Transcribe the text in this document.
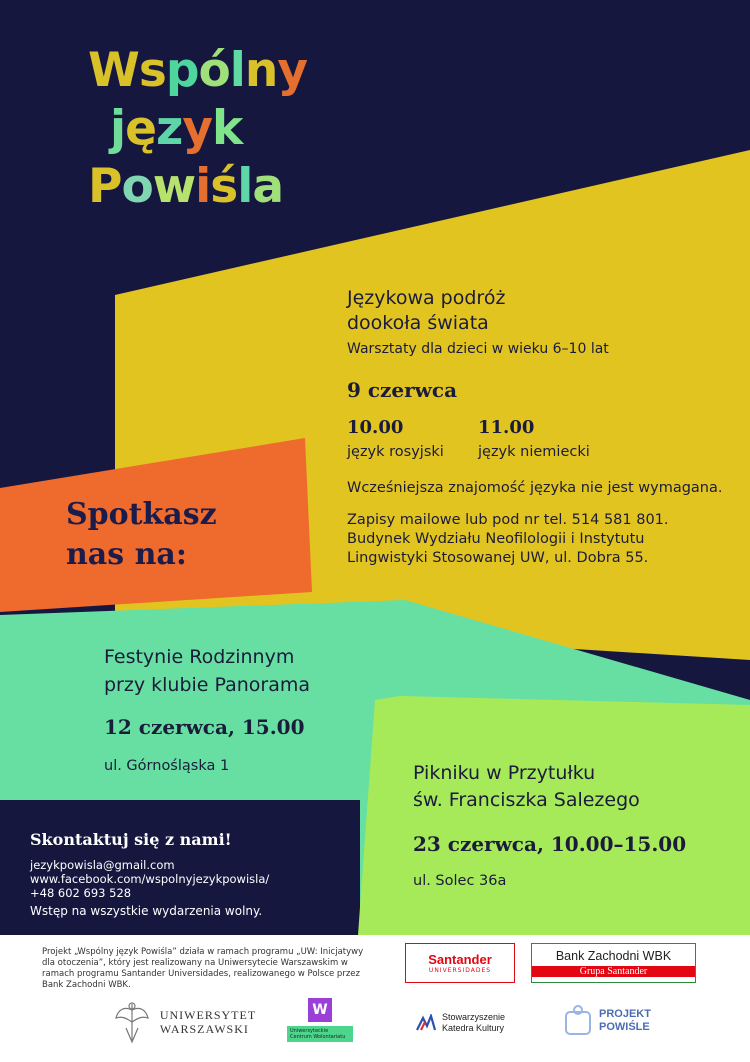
Wspólny
język
Powiśla
Językowa podróż
dookoła świata
Warsztaty dla dzieci w wieku 6–10 lat
9 czerwca
10.00
język rosyjski
11.00
język niemiecki
Wcześniejsza znajomość języka nie jest wymagana.
Zapisy mailowe lub pod nr tel. 514 581 801.
Budynek Wydziału Neofilologii i Instytutu
Lingwistyki Stosowanej UW, ul. Dobra 55.
Spotkasz
nas na:
Festynie Rodzinnym
przy klubie Panorama
12 czerwca, 15.00
ul. Górnośląska 1	Pikniku w Przytułku
św. Franciszka Salezego
23 czerwca, 10.00–15.00
ul. Solec 36a
Skontaktuj się z nami!
jezykpowisla@gmail.com
www.facebook.com/wspolnyjezykpowisla/
+48 602 693 528
Wstęp na wszystkie wydarzenia wolny.
Projekt „Wspólny język Powiśla” działa w ramach programu „UW: Inicjatywy dla otoczenia”, który jest realizowany na Uniwersytecie Warszawskim w ramach programu Santander Universidades, realizowanego w Polsce przez Bank Zachodni WBK.
Santander
UNIVERSIDADES
Bank Zachodni WBK
Grupa Santander
UNIWERSYTET
WARSZAWSKI
W
Uniwersyteckie Centrum Wolontariatu
Stowarzyszenie
Katedra Kultury
PROJEKT
POWIŚLE
